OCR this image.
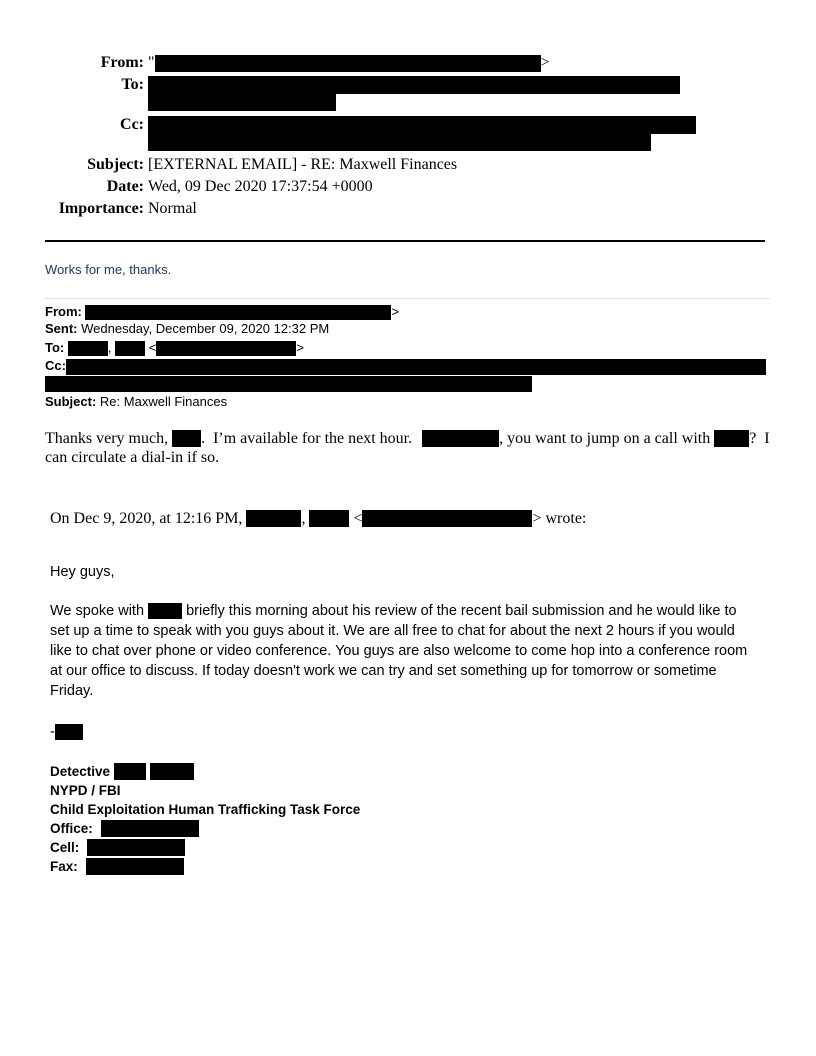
From: "	>
To:
Cc:
Subject: [EXTERNAL EMAIL] - RE: Maxwell Finances
Date: Wed, 09 Dec 2020 17:37:54 +0000
Importance: Normal
Works for me, thanks.
From:	>
Sent: Wednesday, December 09, 2020 12:32 PM
To:	,	<	>
Cc:
Subject: Re: Maxwell Finances
Thanks very much, .  I’m available for the next hour.	, you want to jump on a call with ?  I
can circulate a dial-in if so.
On Dec 9, 2020, at 12:16 PM,	,	<	> wrote:
Hey guys,
We spoke with	briefly this morning about his review of the recent bail submission and he would like to
set up a time to speak with you guys about it. We are all free to chat for about the next 2 hours if you would
like to chat over phone or video conference. You guys are also welcome to come hop into a conference room
at our office to discuss. If today doesn't work we can try and set something up for tomorrow or sometime
Friday.
-
Detective
NYPD / FBI
Child Exploitation Human Trafficking Task Force
Office:
Cell:
Fax:
